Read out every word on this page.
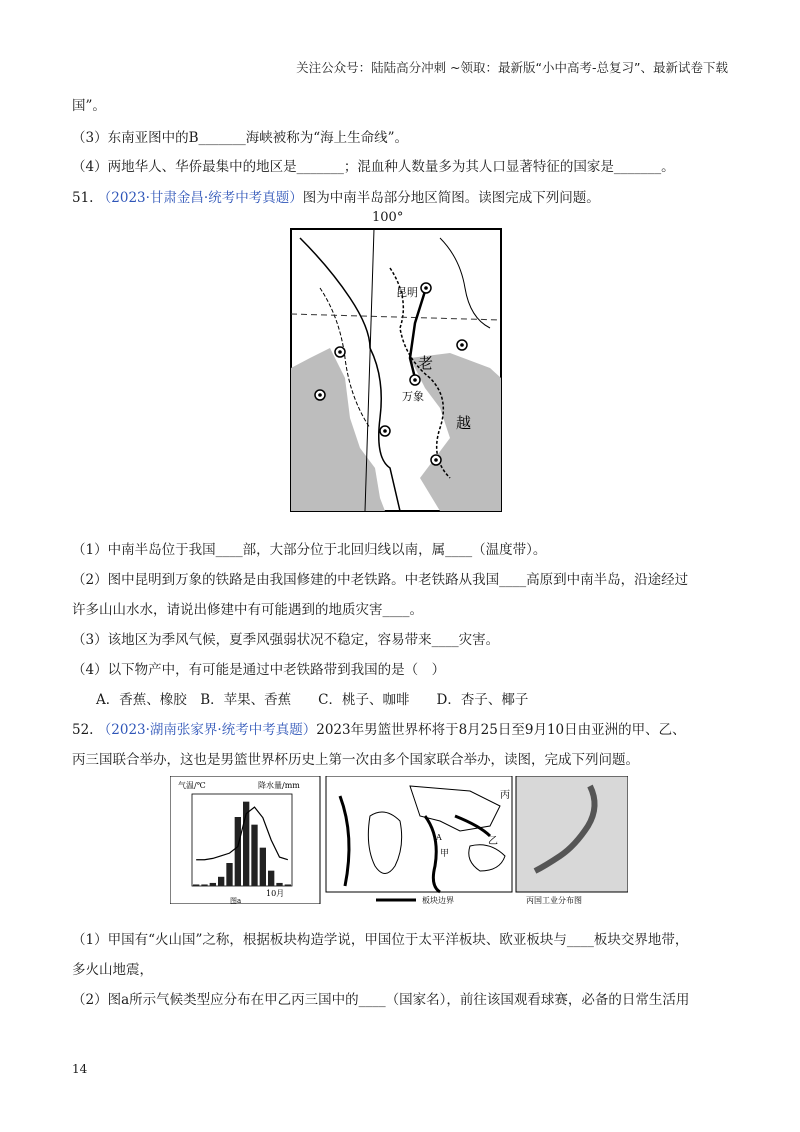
关注公众号：陆陆高分冲刺 ~领取：最新版“小中高考-总复习”、最新试卷下载
国”。
（3）东南亚图中的B_______海峡被称为“海上生命线”。
（4）两地华人、华侨最集中的地区是_______；混血种人数量多为其人口显著特征的国家是_______。
51. （2023·甘肃金昌·统考中考真题）图为中南半岛部分地区简图。读图完成下列问题。
100°
昆明
万象
老
越
（1）中南半岛位于我国____部，大部分位于北回归线以南，属____（温度带）。
（2）图中昆明到万象的铁路是由我国修建的中老铁路。中老铁路从我国____高原到中南半岛，沿途经过
许多山山水水，请说出修建中有可能遇到的地质灾害____。
（3）该地区为季风气候，夏季风强弱状况不稳定，容易带来____灾害。
（4）以下物产中，有可能是通过中老铁路带到我国的是（　）
A．香蕉、橡胶　B．苹果、香蕉　　C．桃子、咖啡　　D．杏子、椰子
52. （2023·湖南张家界·统考中考真题）2023年男篮世界杯将于8月25日至9月10日由亚洲的甲、乙、
丙三国联合举办，这也是男篮世界杯历史上第一次由多个国家联合举办，读图，完成下列问题。
气温/℃	降水量/mm
10月
图a
丙
乙
A
甲
板块边界	丙国工业分布图
（1）甲国有“火山国”之称，根据板块构造学说，甲国位于太平洋板块、欧亚板块与____板块交界地带，
多火山地震，
（2）图a所示气候类型应分布在甲乙丙三国中的____（国家名），前往该国观看球赛，必备的日常生活用
14
